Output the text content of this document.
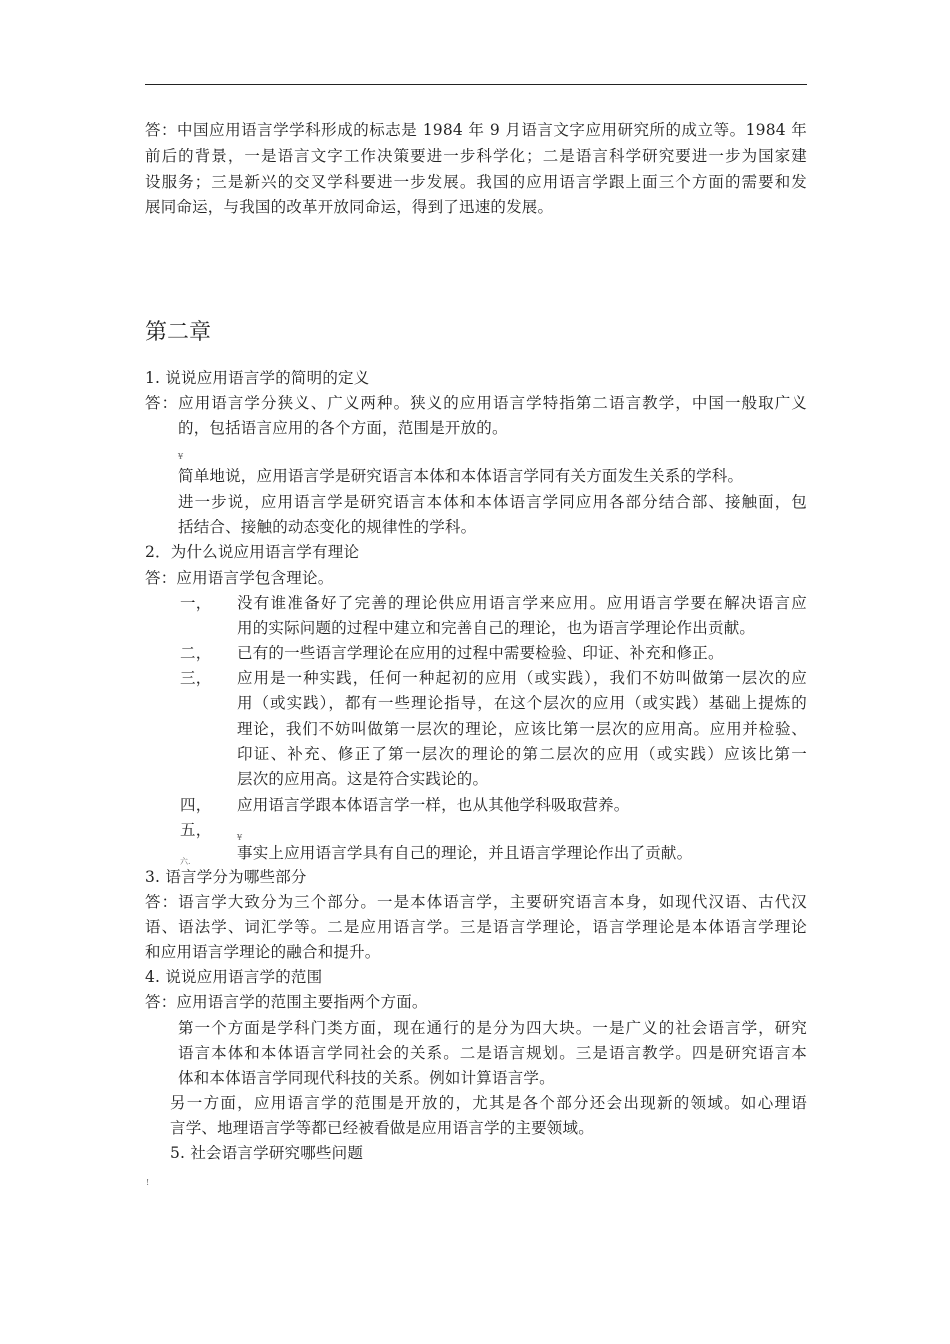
答：中国应用语言学学科形成的标志是 1984 年 9 月语言文字应用研究所的成立等。1984 年
前后的背景，一是语言文字工作决策要进一步科学化；二是语言科学研究要进一步为国家建
设服务；三是新兴的交叉学科要进一步发展。我国的应用语言学跟上面三个方面的需要和发
展同命运，与我国的改革开放同命运，得到了迅速的发展。
第二章
1. 说说应用语言学的简明的定义
答：应用语言学分狭义、广义两种。狭义的应用语言学特指第二语言教学，中国一般取广义
的，包括语言应用的各个方面，范围是开放的。
¥
简单地说，应用语言学是研究语言本体和本体语言学同有关方面发生关系的学科。
进一步说，应用语言学是研究语言本体和本体语言学同应用各部分结合部、接触面，包
括结合、接触的动态变化的规律性的学科。
2．为什么说应用语言学有理论
答：应用语言学包含理论。
一， 没有谁准备好了完善的理论供应用语言学来应用。应用语言学要在解决语言应
用的实际问题的过程中建立和完善自己的理论，也为语言学理论作出贡献。
二， 已有的一些语言学理论在应用的过程中需要检验、印证、补充和修正。
三， 应用是一种实践，任何一种起初的应用（或实践），我们不妨叫做第一层次的应
用（或实践），都有一些理论指导，在这个层次的应用（或实践）基础上提炼的
理论，我们不妨叫做第一层次的理论，应该比第一层次的应用高。应用并检验、
印证、补充、修正了第一层次的理论的第二层次的应用（或实践）应该比第一
层次的应用高。这是符合实践论的。
四， 应用语言学跟本体语言学一样，也从其他学科吸取营养。
五，	¥
六.	事实上应用语言学具有自己的理论，并且语言学理论作出了贡献。
3. 语言学分为哪些部分
答：语言学大致分为三个部分。一是本体语言学，主要研究语言本身，如现代汉语、古代汉
语、语法学、词汇学等。二是应用语言学。三是语言学理论，语言学理论是本体语言学理论
和应用语言学理论的融合和提升。
4. 说说应用语言学的范围
答：应用语言学的范围主要指两个方面。
第一个方面是学科门类方面，现在通行的是分为四大块。一是广义的社会语言学，研究
语言本体和本体语言学同社会的关系。二是语言规划。三是语言教学。四是研究语言本
体和本体语言学同现代科技的关系。例如计算语言学。
另一方面，应用语言学的范围是开放的，尤其是各个部分还会出现新的领域。如心理语
言学、地理语言学等都已经被看做是应用语言学的主要领域。
5. 社会语言学研究哪些问题
!
